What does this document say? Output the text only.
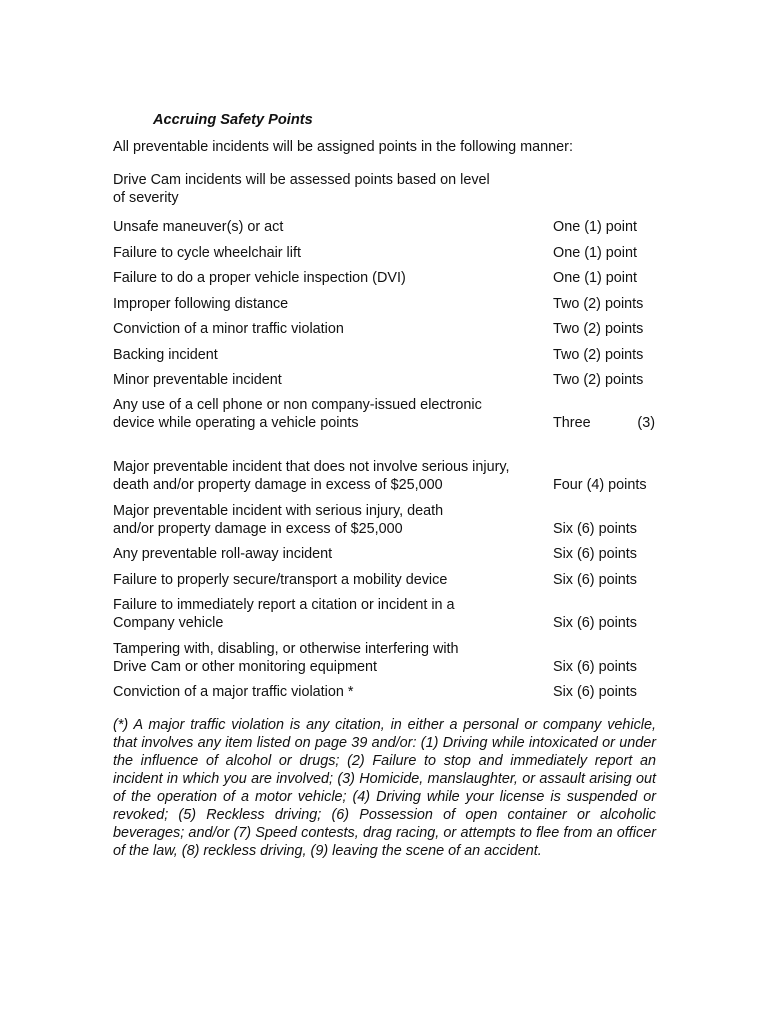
Accruing Safety Points

All preventable incidents will be assigned points in the following manner:

Drive Cam incidents will be assessed points based on level of severity

Unsafe maneuver(s) or act	One (1) point
Failure to cycle wheelchair lift	One (1) point
Failure to do a proper vehicle inspection (DVI)	One (1) point
Improper following distance	Two (2) points
Conviction of a minor traffic violation	Two (2) points
Backing incident	Two (2) points
Minor preventable incident	Two (2) points
Any use of a cell phone or non company-issued electronic device while operating a vehicle points	Three	(3)
Major preventable incident that does not involve serious injury, death and/or property damage in excess of $25,000	Four (4) points
Major preventable incident with serious injury, death and/or property damage in excess of $25,000	Six (6) points
Any preventable roll-away incident	Six (6) points
Failure to properly secure/transport a mobility device	Six (6) points
Failure to immediately report a citation or incident in a Company vehicle	Six (6) points
Tampering with, disabling, or otherwise interfering with Drive Cam or other monitoring equipment	Six (6) points
Conviction of a major traffic violation *	Six (6) points

(*) A major traffic violation is any citation, in either a personal or company vehicle, that involves any item listed on page 39 and/or: (1) Driving while intoxicated or under the influence of alcohol or drugs; (2) Failure to stop and immediately report an incident in which you are involved; (3) Homicide, manslaughter, or assault arising out of the operation of a motor vehicle; (4) Driving while your license is suspended or revoked; (5) Reckless driving; (6) Possession of open container or alcoholic beverages; and/or (7) Speed contests, drag racing, or attempts to flee from an officer of the law, (8) reckless driving, (9) leaving the scene of an accident.
